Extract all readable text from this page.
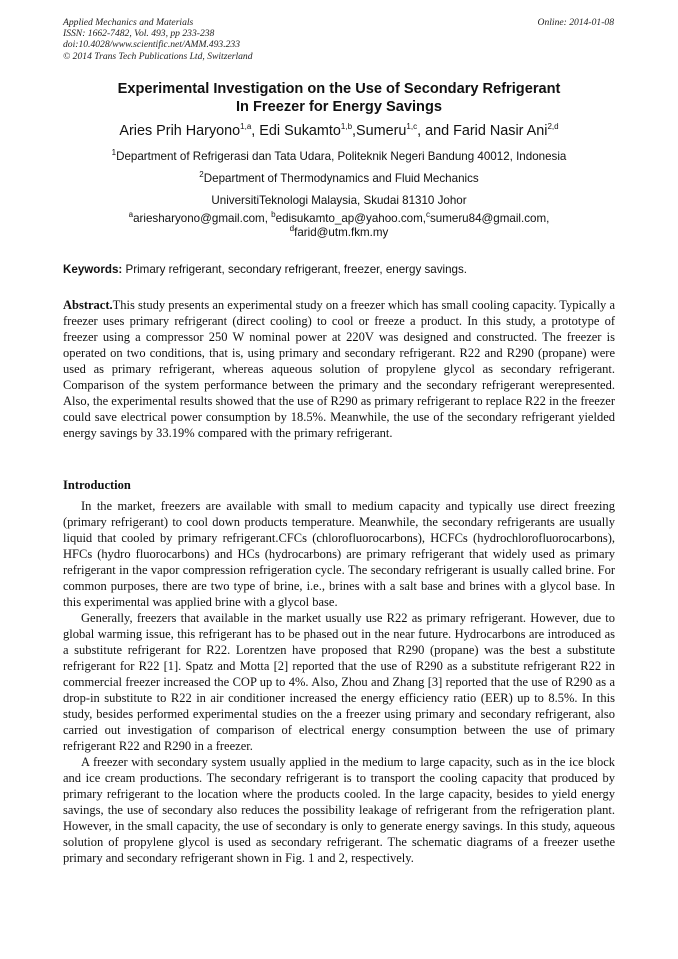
Applied Mechanics and Materials
ISSN: 1662-7482, Vol. 493, pp 233-238
doi:10.4028/www.scientific.net/AMM.493.233
© 2014 Trans Tech Publications Ltd, Switzerland
Online: 2014-01-08
Experimental Investigation on the Use of Secondary Refrigerant
In Freezer for Energy Savings
Aries Prih Haryono$^{1,a}$, Edi Sukamto$^{1,b}$,Sumeru$^{1,c}$, and Farid Nasir Ani$^{2,d}$
$^1$Department of Refrigerasi dan Tata Udara, Politeknik Negeri Bandung 40012, Indonesia
$^2$Department of Thermodynamics and Fluid Mechanics
UniversitiTeknologi Malaysia, Skudai 81310 Johor
$^a$ariesharyono@gmail.com, $^b$edisukamto_ap@yahoo.com,$^c$sumeru84@gmail.com,
$^d$farid@utm.fkm.my
Keywords: Primary refrigerant, secondary refrigerant, freezer, energy savings.

Abstract.This study presents an experimental study on a freezer which has small cooling capacity. Typically a freezer uses primary refrigerant (direct cooling) to cool or freeze a product. In this study, a prototype of freezer using a compressor 250 W nominal power at 220V was designed and constructed. The freezer is operated on two conditions, that is, using primary and secondary refrigerant. R22 and R290 (propane) were used as primary refrigerant, whereas aqueous solution of propylene glycol as secondary refrigerant. Comparison of the system performance between the primary and the secondary refrigerant werepresented. Also, the experimental results showed that the use of R290 as primary refrigerant to replace R22 in the freezer could save electrical power consumption by 18.5%. Meanwhile, the use of the secondary refrigerant yielded energy savings by 33.19% compared with the primary refrigerant.

Introduction

In the market, freezers are available with small to medium capacity and typically use direct freezing (primary refrigerant) to cool down products temperature. Meanwhile, the secondary refrigerants are usually liquid that cooled by primary refrigerant.CFCs (chlorofluorocarbons), HCFCs (hydrochlorofluorocarbons), HFCs (hydro fluorocarbons) and HCs (hydrocarbons) are primary refrigerant that widely used as primary refrigerant in the vapor compression refrigeration cycle. The secondary refrigerant is usually called brine. For common purposes, there are two type of brine, i.e., brines with a salt base and brines with a glycol base. In this experimental was applied brine with a glycol base.

Generally, freezers that available in the market usually use R22 as primary refrigerant. However, due to global warming issue, this refrigerant has to be phased out in the near future. Hydrocarbons are introduced as a substitute refrigerant for R22. Lorentzen have proposed that R290 (propane) was the best a substitute refrigerant for R22 [1]. Spatz and Motta [2] reported that the use of R290 as a substitute refrigerant R22 in commercial freezer increased the COP up to 4%. Also, Zhou and Zhang [3] reported that the use of R290 as a drop-in substitute to R22 in air conditioner increased the energy efficiency ratio (EER) up to 8.5%. In this study, besides performed experimental studies on the a freezer using primary and secondary refrigerant, also carried out investigation of comparison of electrical energy consumption between the use of primary refrigerant R22 and R290 in a freezer.

A freezer with secondary system usually applied in the medium to large capacity, such as in the ice block and ice cream productions. The secondary refrigerant is to transport the cooling capacity that produced by primary refrigerant to the location where the products cooled. In the large capacity, besides to yield energy savings, the use of secondary also reduces the possibility leakage of refrigerant from the refrigeration plant. However, in the small capacity, the use of secondary is only to generate energy savings. In this study, aqueous solution of propylene glycol is used as secondary refrigerant. The schematic diagrams of a freezer usethe primary and secondary refrigerant shown in Fig. 1 and 2, respectively.
